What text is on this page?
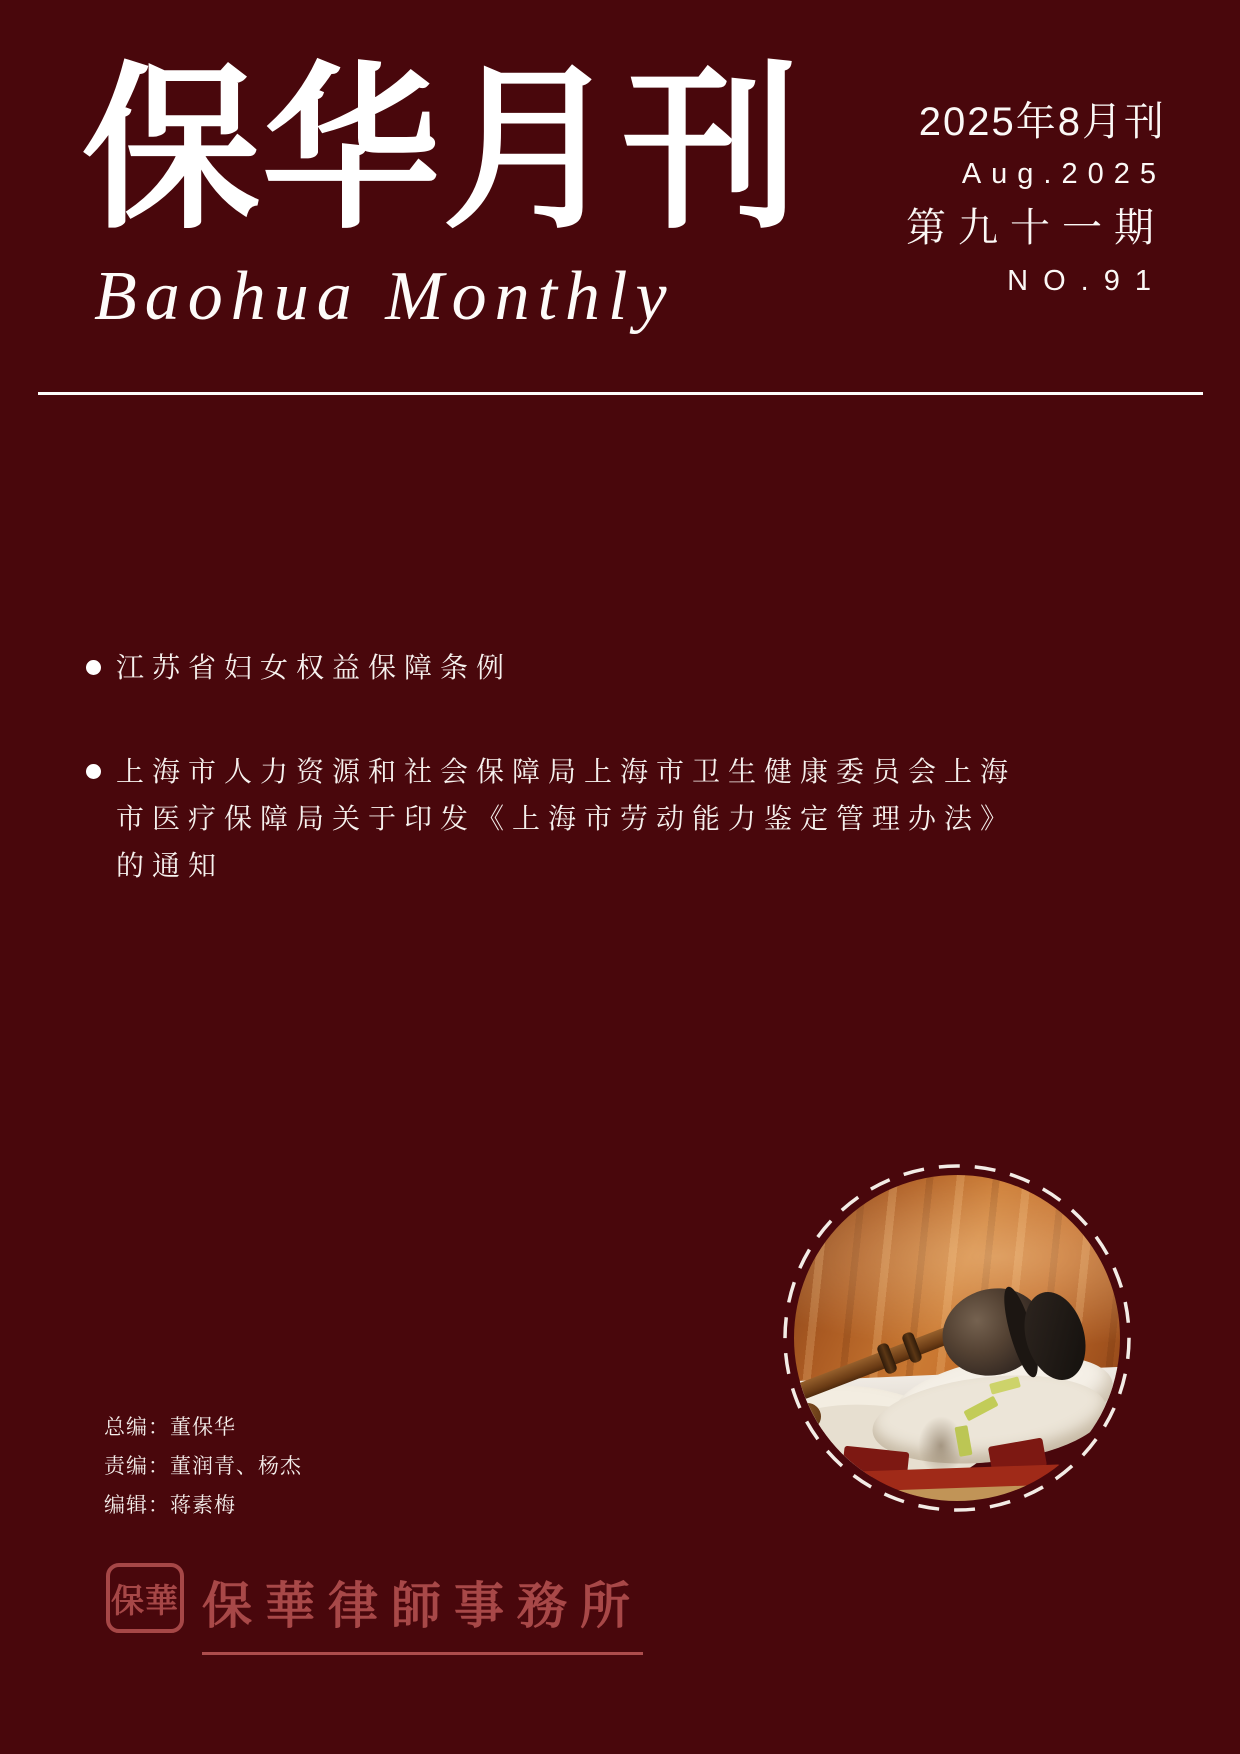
保华月刊
Baohua Monthly
2025年8月刊
Aug.2025
第九十一期
NO.91
江苏省妇女权益保障条例
上海市人力资源和社会保障局上海市卫生健康委员会上海市医疗保障局关于印发《上海市劳动能力鉴定管理办法》的通知
总编：董保华
责编：董润青、杨杰
编辑：蒋素梅
保華 保華律師事務所
